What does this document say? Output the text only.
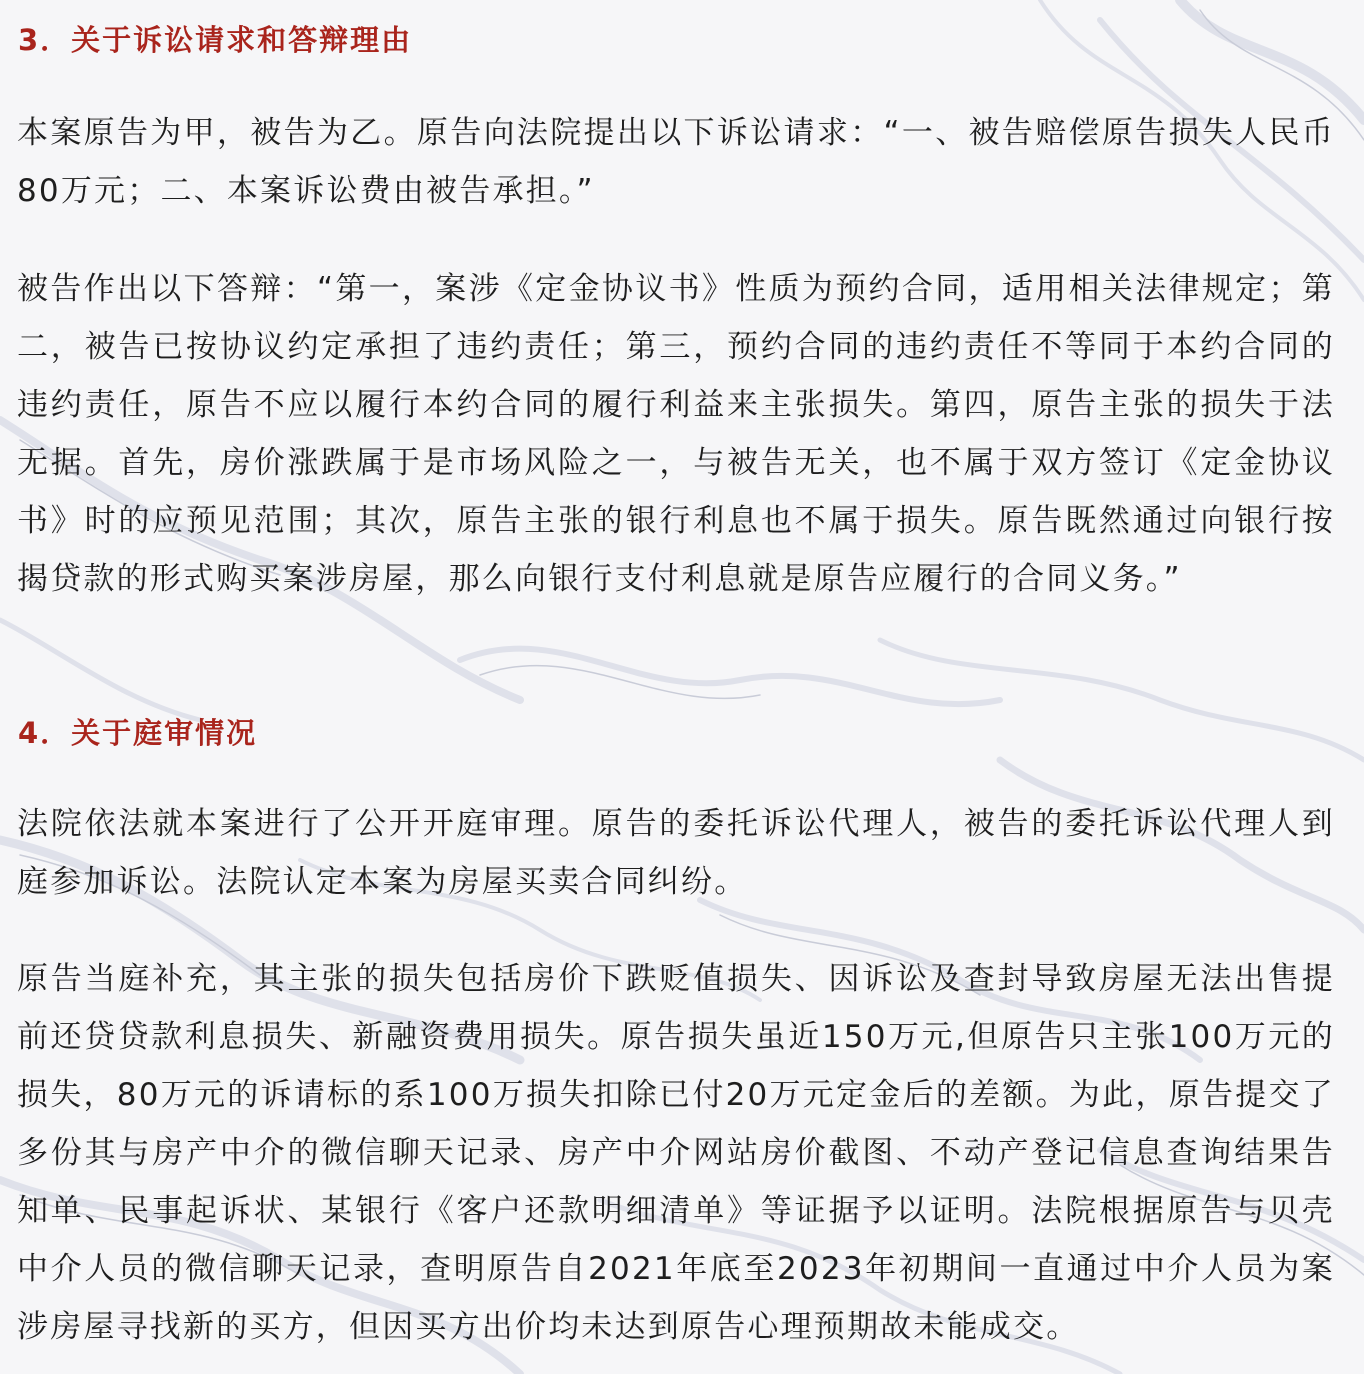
3．关于诉讼请求和答辩理由

本案原告为甲，被告为乙。原告向法院提出以下诉讼请求：“一、被告赔偿原告损失人民币80万元；二、本案诉讼费由被告承担。”

被告作出以下答辩：“第一，案涉《定金协议书》性质为预约合同，适用相关法律规定；第二，被告已按协议约定承担了违约责任；第三，预约合同的违约责任不等同于本约合同的违约责任，原告不应以履行本约合同的履行利益来主张损失。第四，原告主张的损失于法无据。首先，房价涨跌属于是市场风险之一，与被告无关，也不属于双方签订《定金协议书》时的应预见范围；其次，原告主张的银行利息也不属于损失。原告既然通过向银行按揭贷款的形式购买案涉房屋，那么向银行支付利息就是原告应履行的合同义务。”

4．关于庭审情况

法院依法就本案进行了公开开庭审理。原告的委托诉讼代理人，被告的委托诉讼代理人到庭参加诉讼。法院认定本案为房屋买卖合同纠纷。

原告当庭补充，其主张的损失包括房价下跌贬值损失、因诉讼及查封导致房屋无法出售提前还贷贷款利息损失、新融资费用损失。原告损失虽近150万元,但原告只主张100万元的损失，80万元的诉请标的系100万损失扣除已付20万元定金后的差额。为此，原告提交了多份其与房产中介的微信聊天记录、房产中介网站房价截图、不动产登记信息查询结果告知单、民事起诉状、某银行《客户还款明细清单》等证据予以证明。法院根据原告与贝壳中介人员的微信聊天记录，查明原告自2021年底至2023年初期间一直通过中介人员为案涉房屋寻找新的买方，但因买方出价均未达到原告心理预期故未能成交。
